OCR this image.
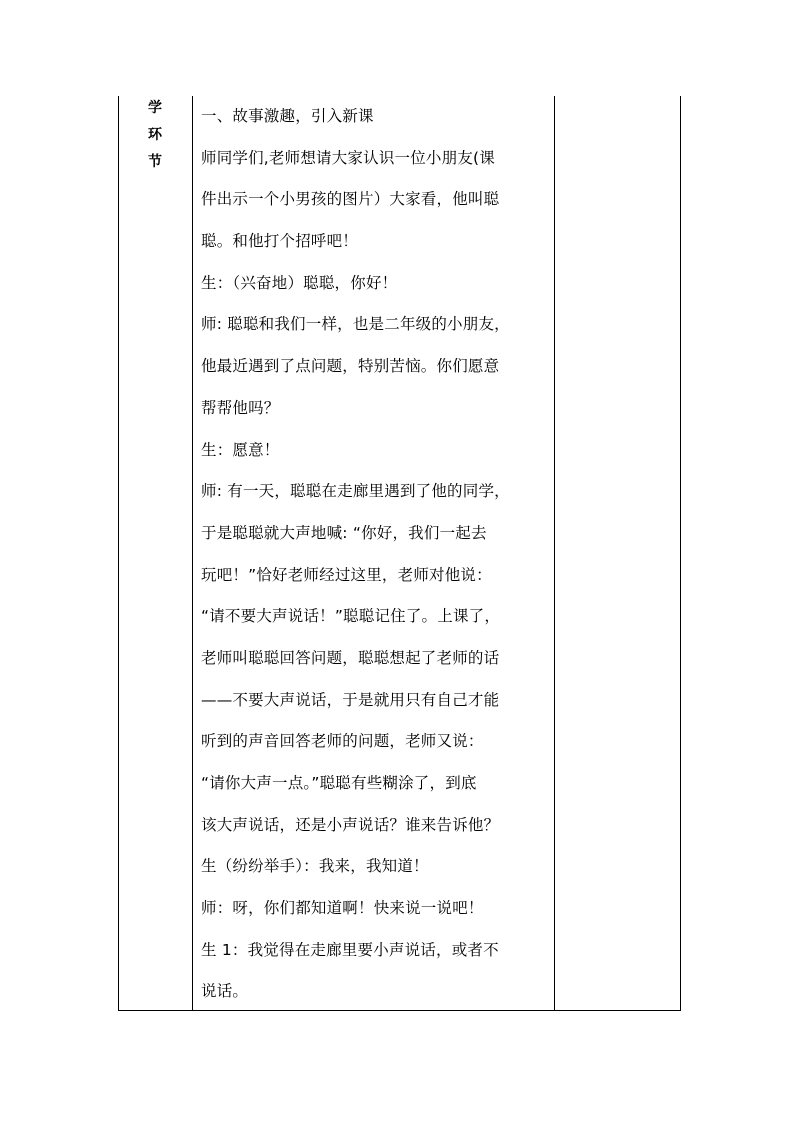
学
环
节
一、故事激趣，引入新课
师同学们,老师想请大家认识一位小朋友(课
件出示一个小男孩的图片）大家看，他叫聪
聪。和他打个招呼吧！
生：（兴奋地）聪聪，你好！
师: 聪聪和我们一样，也是二年级的小朋友，
他最近遇到了点问题，特别苦恼。你们愿意
帮帮他吗？
生：愿意！
师: 有一天，聪聪在走廊里遇到了他的同学，
于是聪聪就大声地喊: “你好，我们一起去
玩吧！”恰好老师经过这里，老师对他说：
“请不要大声说话！”聪聪记住了。上课了，
老师叫聪聪回答问题，聪聪想起了老师的话
——不要大声说话，于是就用只有自己才能
听到的声音回答老师的问题，老师又说：
“请你大声一点。”聪聪有些糊涂了，到底
该大声说话，还是小声说话？谁来告诉他？
生（纷纷举手）：我来，我知道！
师：呀，你们都知道啊！快来说一说吧！
生 1：我觉得在走廊里要小声说话，或者不
说话。
